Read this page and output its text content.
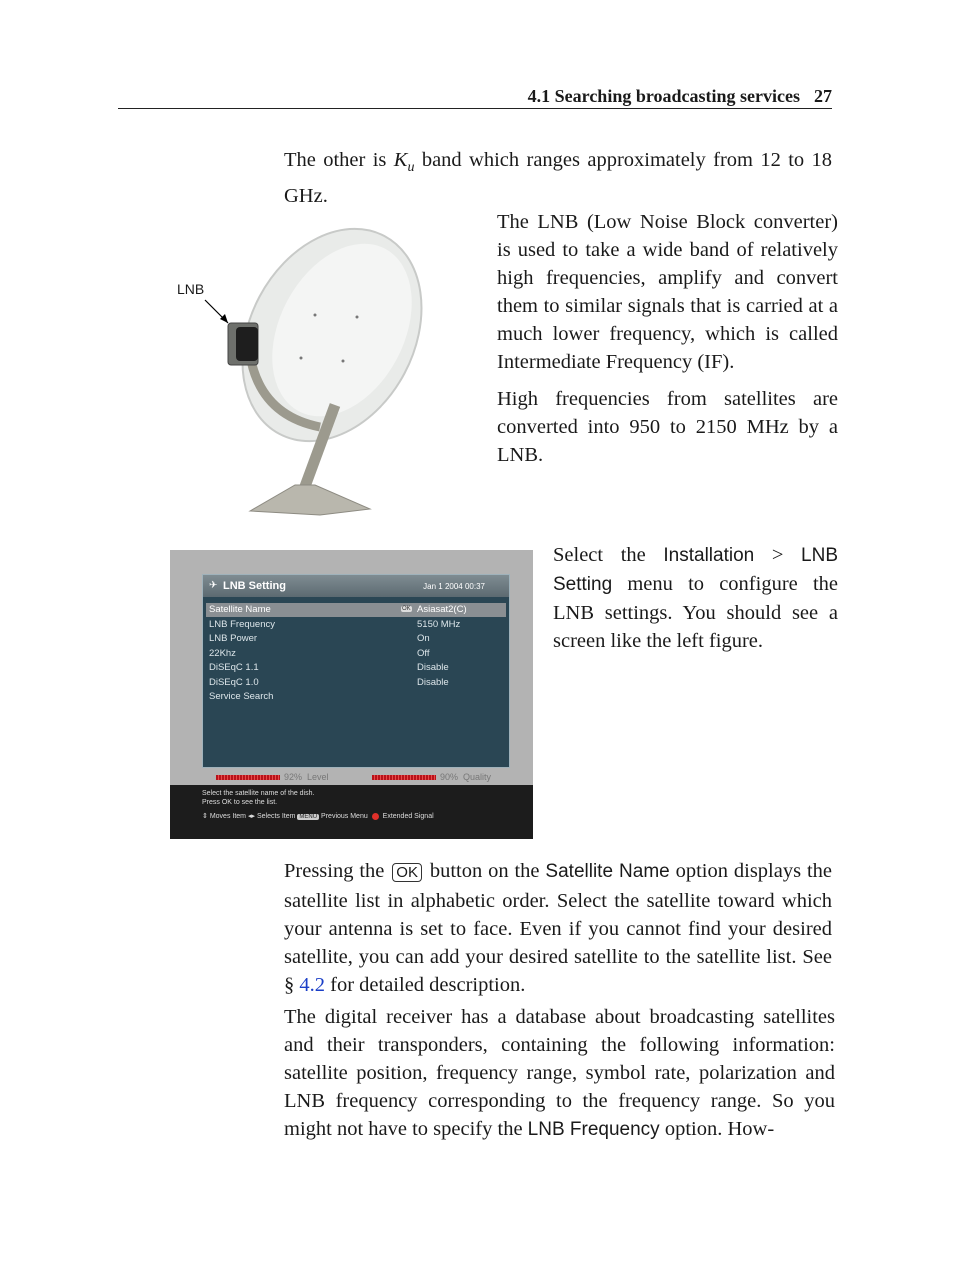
4.1 Searching broadcasting services 27
The other is $K_u$ band which ranges approximately from 12 to 18 GHz.
The LNB (Low Noise Block converter) is used to take a wide band of relatively high frequencies, amplify and convert them to similar signals that is carried at a much lower frequency, which is called Intermediate Frequency (IF).
High frequencies from satellites are converted into 950 to 2150 MHz by a LNB.
LNB
✈ LNB Setting	Jan 1 2004 00:37
Satellite Name	OK Asiasat2(C)
LNB Frequency	5150 MHz
LNB Power	On
22Khz	Off
DiSEqC 1.1	Disable
DiSEqC 1.0	Disable
Service Search
92% Level	90% Quality
Select the satellite name of the dish.
Press OK to see the list.
⇕ Moves Item ◂▸ Selects Item MENU Previous Menu Extended Signal
Select the Installation > LNB Setting menu to configure the LNB settings. You should see a screen like the left figure.
Pressing the OK button on the Satellite Name option displays the satellite list in alphabetic order. Select the satellite toward which your antenna is set to face. Even if you cannot find your desired satellite, you can add your desired satellite to the satellite list. See § 4.2 for detailed description.
The digital receiver has a database about broadcasting satellites and their transponders, containing the following information: satellite position, frequency range, symbol rate, polarization and LNB frequency corresponding to the frequency range. So you might not have to specify the LNB Frequency option. How-
